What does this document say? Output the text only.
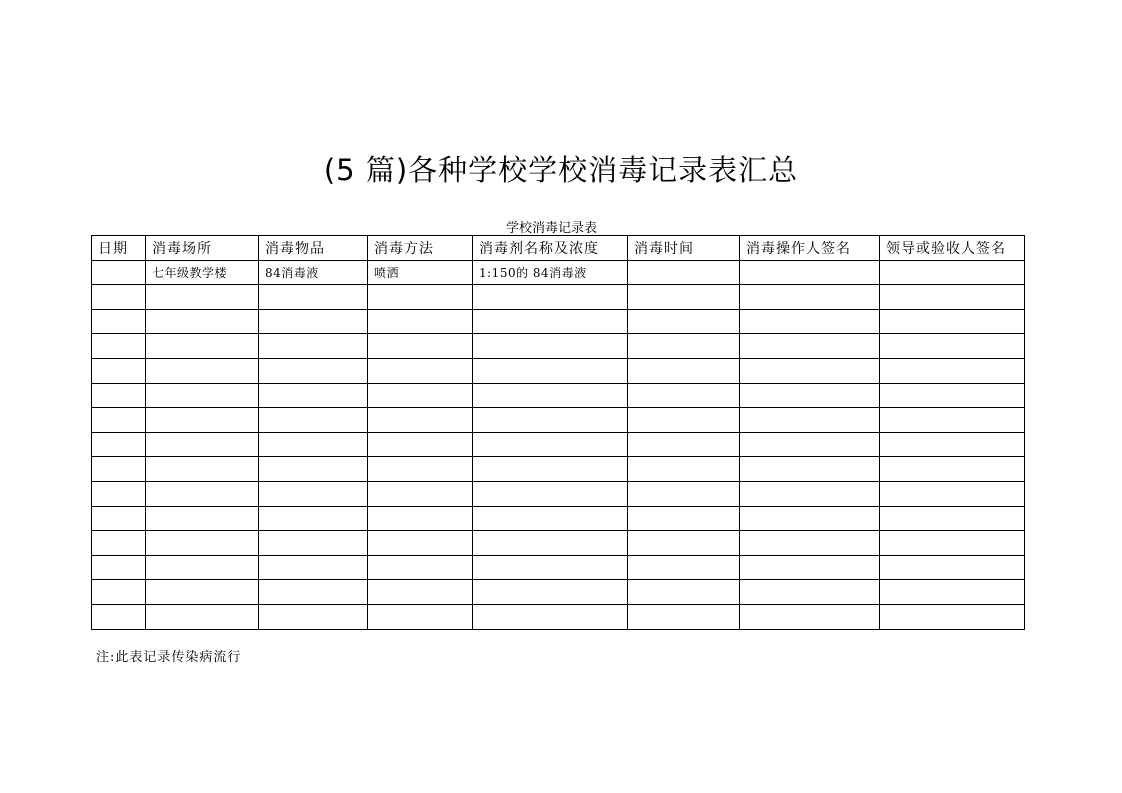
(5 篇)各种学校学校消毒记录表汇总
学校消毒记录表
日期	消毒场所	消毒物品	消毒方法	消毒剂名称及浓度	消毒时间	消毒操作人签名	领导或验收人签名
	七年级教学楼	84消毒液	喷洒	1:150的 84消毒液			

注:此表记录传染病流行
